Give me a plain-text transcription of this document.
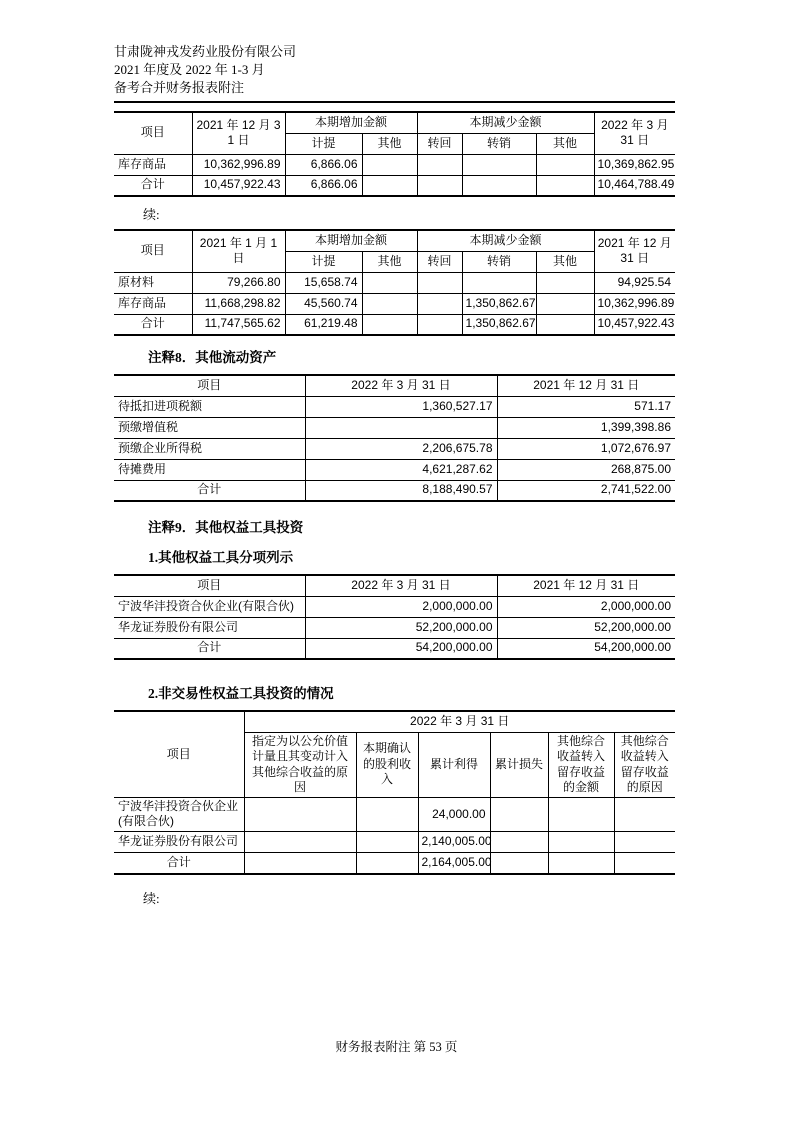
甘肃陇神戎发药业股份有限公司
2021 年度及 2022 年 1-3 月
备考合并财务报表附注
项目	2021 年 12 月 31 日	本期增加金额		本期减少金额			2022 年 3 月 31 日
		计提	其他	转回	转销	其他	
库存商品	10,362,996.89	6,866.06					10,369,862.95
合计	10,457,922.43	6,866.06					10,464,788.49
续:
项目	2021 年 1 月 1 日	本期增加金额		本期减少金额			2021 年 12 月 31 日
		计提	其他	转回	转销	其他	
原材料	79,266.80	15,658.74					94,925.54
库存商品	11,668,298.82	45,560.74			1,350,862.67		10,362,996.89
合计	11,747,565.62	61,219.48			1,350,862.67		10,457,922.43
注释8．其他流动资产
项目	2022 年 3 月 31 日	2021 年 12 月 31 日
待抵扣进项税额	1,360,527.17	571.17
预缴增值税		1,399,398.86
预缴企业所得税	2,206,675.78	1,072,676.97
待摊费用	4,621,287.62	268,875.00
合计	8,188,490.57	2,741,522.00
注释9．其他权益工具投资
1.其他权益工具分项列示
项目	2022 年 3 月 31 日	2021 年 12 月 31 日
宁波华沣投资合伙企业(有限合伙)	2,000,000.00	2,000,000.00
华龙证券股份有限公司	52,200,000.00	52,200,000.00
合计	54,200,000.00	54,200,000.00
2.非交易性权益工具投资的情况
项目	2022 年 3 月 31 日					
	指定为以公允价值计量且其变动计入其他综合收益的原因	本期确认的股利收入	累计利得	累计损失	其他综合收益转入留存收益的金额	其他综合收益转入留存收益的原因
宁波华沣投资合伙企业(有限合伙)			24,000.00			
华龙证券股份有限公司			2,140,005.00			
合计			2,164,005.00			
续:
财务报表附注 第 53 页
